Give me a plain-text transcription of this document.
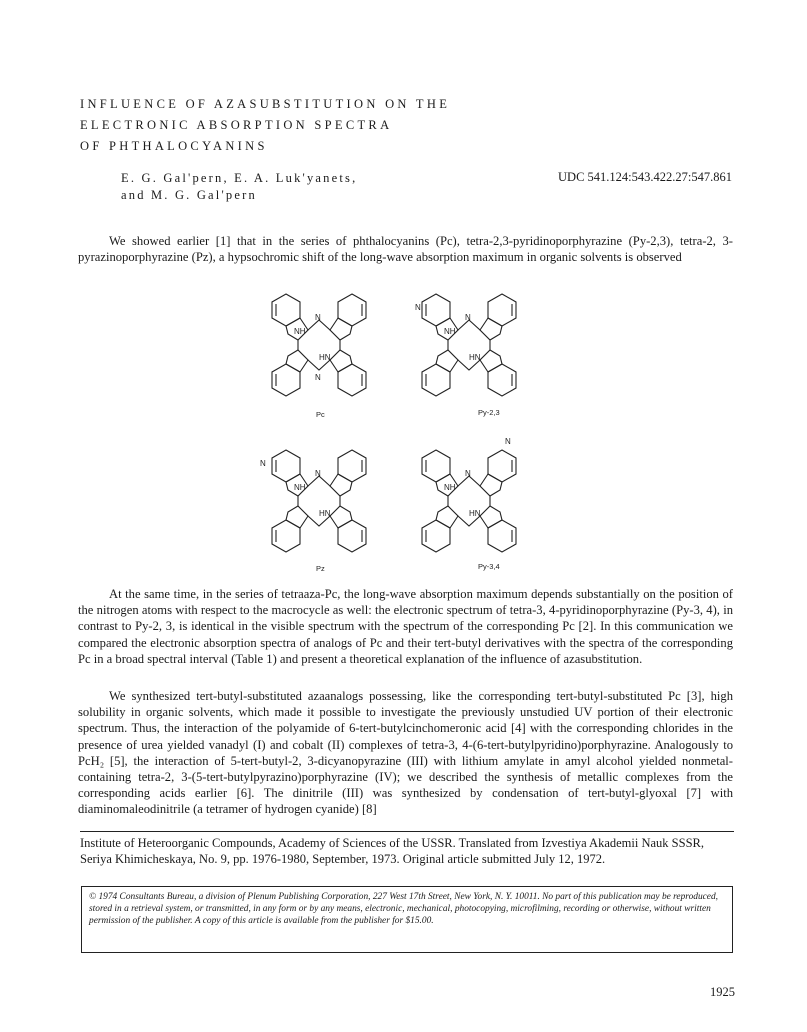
INFLUENCE OF AZASUBSTITUTION ON THE
ELECTRONIC ABSORPTION SPECTRA
OF PHTHALOCYANINS
E. G. Gal'pern, E. A. Luk'yanets,
and M. G. Gal'pern
UDC 541.124:543.422.27:547.861

We showed earlier [1] that in the series of phthalocyanins (Pc), tetra-2,3-pyridinoporphyrazine (Py-2,3), tetra-2, 3-pyrazinoporphyrazine (Pz), a hypsochromic shift of the long-wave absorption maximum in organic solvents is observed

N
NH
HN
N
N
NH
HN
N
N
NH
HN
N
N
NH
HN
N
Pc	Py-2,3
Pz	Py-3,4

At the same time, in the series of tetraaza-Pc, the long-wave absorption maximum depends substantially on the position of the nitrogen atoms with respect to the macrocycle as well: the electronic spectrum of tetra-3, 4-pyridinoporphyrazine (Py-3, 4), in contrast to Py-2, 3, is identical in the visible spectrum with the spectrum of the corresponding Pc [2]. In this communication we compared the electronic absorption spectra of analogs of Pc and their tert-butyl derivatives with the spectra of the corresponding Pc in a broad spectral interval (Table 1) and present a theoretical explanation of the influence of azasubstitution.

We synthesized tert-butyl-substituted azaanalogs possessing, like the corresponding tert-butyl-substituted Pc [3], high solubility in organic solvents, which made it possible to investigate the previously unstudied UV portion of their electronic spectrum. Thus, the interaction of the polyamide of 6-tert-butylcinchomeronic acid [4] with the corresponding chlorides in the presence of urea yielded vanadyl (I) and cobalt (II) complexes of tetra-3, 4-(6-tert-butylpyridino)porphyrazine. Analogously to PcH₂ [5], the interaction of 5-tert-butyl-2, 3-dicyanopyrazine (III) with lithium amylate in amyl alcohol yielded nonmetal-containing tetra-2, 3-(5-tert-butylpyrazino)porphyrazine (IV); we described the synthesis of metallic complexes from the corresponding acids earlier [6]. The dinitrile (III) was synthesized by condensation of tert-butyl-glyoxal [7] with diaminomaleodinitrile (a tetramer of hydrogen cyanide) [8]

Institute of Heteroorganic Compounds, Academy of Sciences of the USSR. Translated from Izvestiya Akademii Nauk SSSR, Seriya Khimicheskaya, No. 9, pp. 1976-1980, September, 1973. Original article submitted July 12, 1972.
© 1974 Consultants Bureau, a division of Plenum Publishing Corporation, 227 West 17th Street, New York, N. Y. 10011. No part of this publication may be reproduced, stored in a retrieval system, or transmitted, in any form or by any means, electronic, mechanical, photocopying, microfilming, recording or otherwise, without written permission of the publisher. A copy of this article is available from the publisher for $15.00.
1925
